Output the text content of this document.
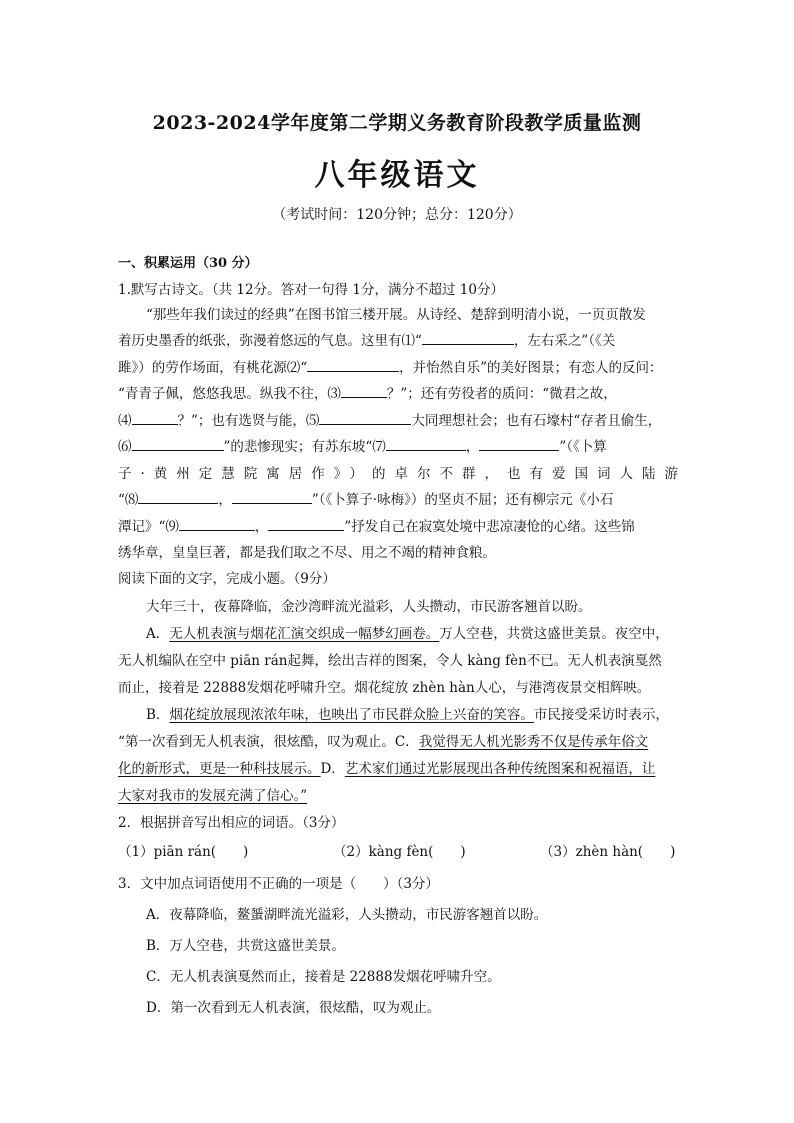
2023-2024学年度第二学期义务教育阶段教学质量监测
八年级语文
（考试时间：120分钟；总分：120分）
一、积累运用（30 分）
1.默写古诗文。（共 12分。答对一句得 1分，满分不超过 10分）
“那些年我们读过的经典”在图书馆三楼开展。从诗经、楚辞到明清小说，一页页散发
着历史墨香的纸张，弥漫着悠远的气息。这里有⑴“	，左右采之”（《关
雎》）的劳作场面，有桃花源⑵“	，并怡然自乐”的美好图景；有恋人的反问：
“青青子佩，悠悠我思。纵我不往，⑶	？”；还有劳役者的质问：“微君之故，
⑷	？”；也有选贤与能，⑸	大同理想社会；也有石壕村“存者且偷生，
⑹	”的悲惨现实；有苏东坡“⑺	，	”（《卜算
子·黄州定慧院寓居作》）的卓尔不群，也有爱国词人陆游
“⑻	，	”（《卜算子·咏梅》）的坚贞不屈；还有柳宗元《小石
潭记》“⑼	，	”抒发自己在寂寞处境中悲凉凄怆的心绪。这些锦
绣华章，皇皇巨著，都是我们取之不尽、用之不竭的精神食粮。
阅读下面的文字，完成小题。（9分）
大年三十，夜幕降临，金沙湾畔流光溢彩，人头攒动，市民游客翘首以盼。
A．无人机表演与烟花汇演交织成一幅梦幻画卷。万人空巷，共赏这盛世美景。夜空中，
无人机编队在空中 piān rán起舞，绘出吉祥的图案，令人 kàng fèn不已。无人机表演戛然
而止，接着是 22888发烟花呼啸升空。烟花绽放 zhèn hàn人心，与港湾夜景交相辉映。
B．烟花绽放展现浓浓年味，也映出了市民群众脸上兴奋的笑容。市民接受采访时表示，
“第一次看到无人机表演，很炫酷，叹为观止。C．我觉得无人机光影秀不仅是传承年俗文
化的新形式，更是一种科技展示。D．艺术家们通过光影展现出各种传统图案和祝福语，让
大家对我市的发展充满了信心。”
2．根据拼音写出相应的词语。（3分）
（1）piān rán(　　)	（2）kàng fèn(　　)	（3）zhèn hàn(　　)
3．文中加点词语使用不正确的一项是（　　）（3分）
A．夜幕降临，鳌蜑湖畔流光溢彩，人头攒动，市民游客翘首以盼。
B．万人空巷，共赏这盛世美景。
C．无人机表演戛然而止，接着是 22888发烟花呼啸升空。
D．第一次看到无人机表演，很炫酷，叹为观止。
